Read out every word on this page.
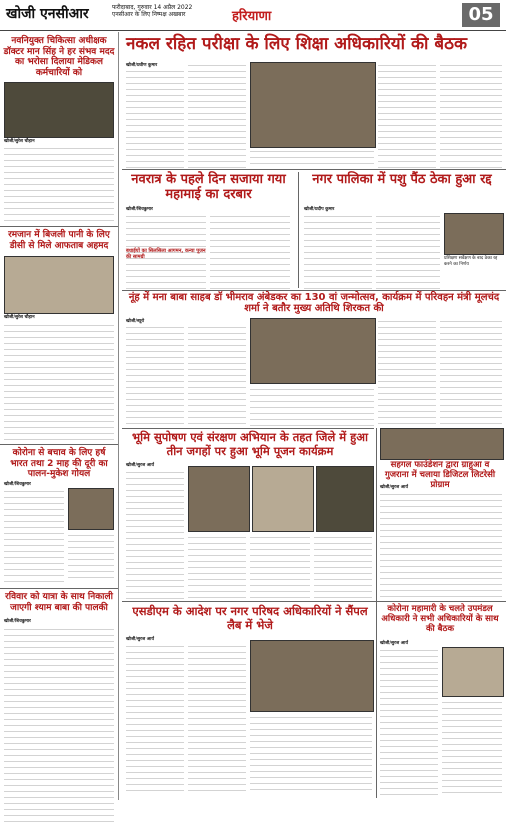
खोजी एनसीआर	फरीदाबाद, गुरुवार 14 अप्रैल 2022
एनसीआर के लिए निष्पक्ष अखबार	हरियाणा	05
नवनियुक्त चिकित्सा अधीक्षक डॉक्टर मान सिंह ने हर संभव मदद का भरोसा दिलाया मेडिकल कर्मचारियों को
खोजी/सुरेश चौहान
रमजान में बिजली पानी के लिए डीसी से मिले आफताब अहमद
खोजी/सुरेश चौहान
कोरोना से बचाव के लिए हर्ष भारत तथा 2 माह की दूरी का पालन-मुकेश गोयल
खोजी/शिवकुमार
रविवार को यात्रा के साथ निकाली जाएगी श्याम बाबा की पालकी
खोजी/शिवकुमार
नकल रहित परीक्षा के लिए शिक्षा अधिकारियों की बैठक
खोजी/प्रवीण कुमार
नवरात्र के पहले दिन सजाया गया महामाई का दरबार
खोजी/शिवकुमार
बधाईयों का सिलसिला आगमन, कन्या पूजन की सामग्री
नगर पालिका में पशु पैंठ ठेका हुआ रद्द
खोजी/प्रदीप कुमार
प्रशिक्षण सर्वेक्षण के बाद ठेका रद्द करने का निर्णय
नूंह में मना बाबा साहब डॉ भीमराव अंबेडकर का 130 वां जन्मोत्सव, कार्यक्रम में परिवहन मंत्री मूलचंद शर्मा ने बतौर मुख्य अतिथि शिरकत की
खोजी/ब्यूरो
भूमि सुपोषण एवं संरक्षण अभियान के तहत जिले में हुआ तीन जगहों पर हुआ भूमि पूजन कार्यक्रम
खोजी/सुरज आर्य	सहगल फाउंडेशन द्वारा ग्राहुआ व गुजराना में चलाया डिजिटल लिटरेसी प्रोग्राम
खोजी/सुरज आर्य
एसडीएम के आदेश पर नगर परिषद अधिकारियों ने सैंपल लैब में भेजे
खोजी/सुरज आर्य
कोरोना महामारी के चलते उपमंडल अधिकारी ने सभी अधिकारियों के साथ की बैठक
खोजी/सुरज आर्य
